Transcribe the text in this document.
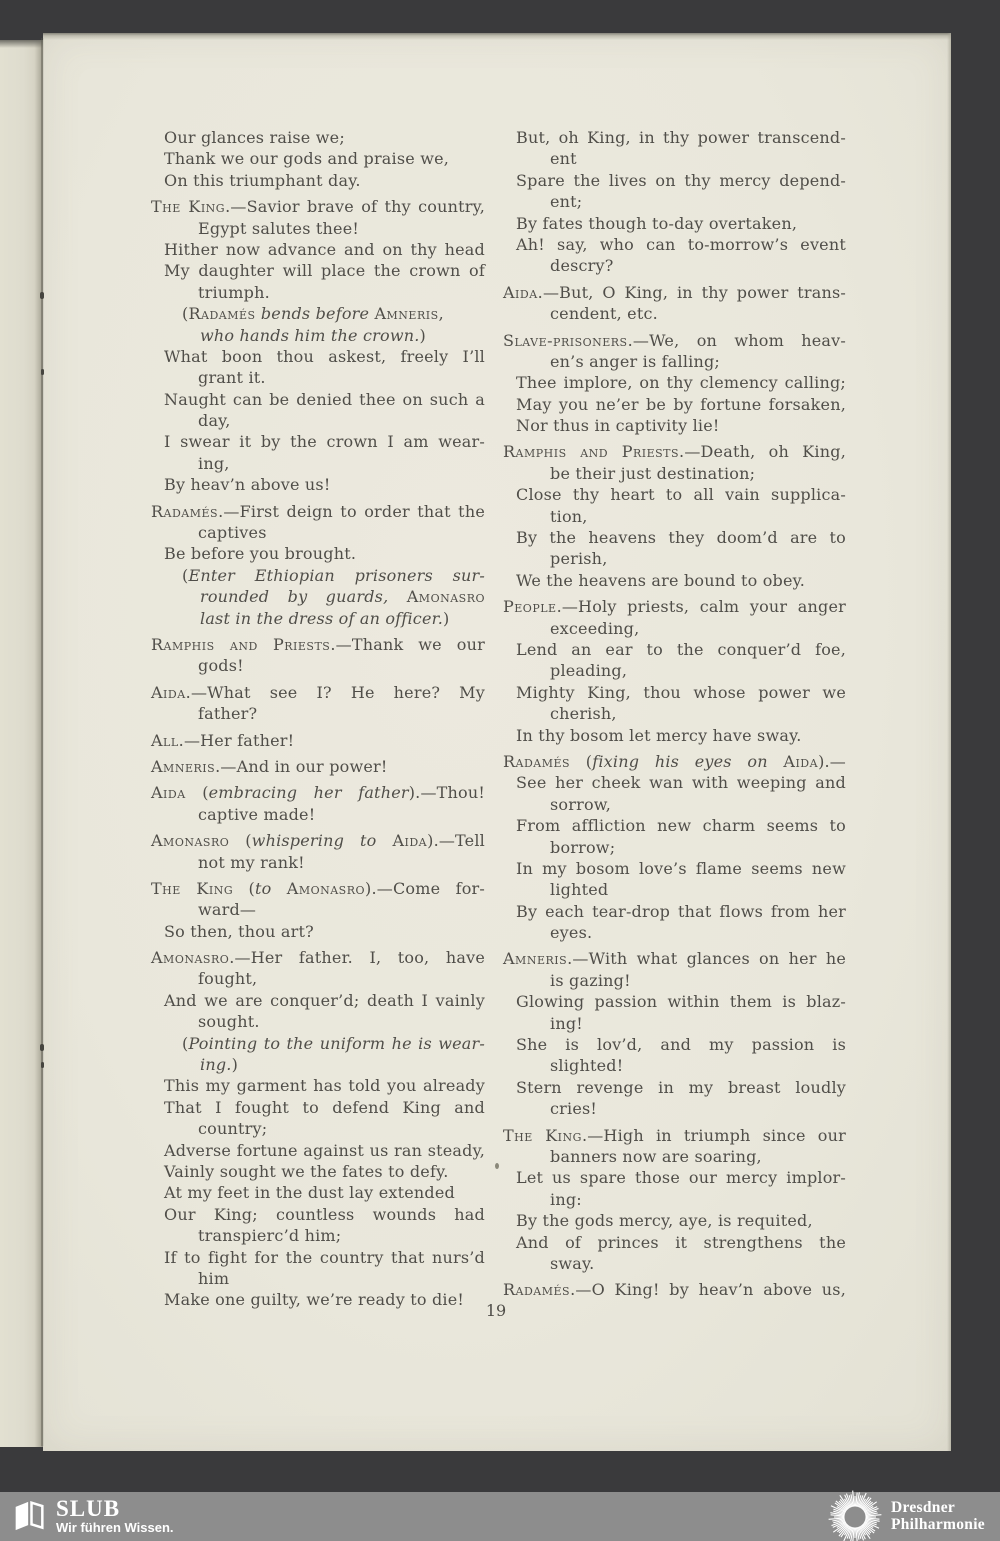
Our glances raise we;
Thank we our gods and praise we,
On this triumphant day.
The King.—Savior brave of thy country,
Egypt salutes thee!
Hither now advance and on thy head
My daughter will place the crown of
triumph.
(Radamés bends before Amneris,
who hands him the crown.)
What boon thou askest, freely I’ll
grant it.
Naught can be denied thee on such a
day,
I swear it by the crown I am wear-
ing,
By heav’n above us!
Radamés.—First deign to order that the
captives
Be before you brought.
(Enter Ethiopian prisoners sur-
rounded by guards, Amonasro
last in the dress of an officer.)
Ramphis and Priests.—Thank we our
gods!
Aida.—What see I? He here? My
father?
All.—Her father!
Amneris.—And in our power!
Aida (embracing her father).—Thou!
captive made!
Amonasro (whispering to Aida).—Tell
not my rank!
The King (to Amonasro).—Come for-
ward—
So then, thou art?
Amonasro.—Her father. I, too, have
fought,
And we are conquer’d; death I vainly
sought.
(Pointing to the uniform he is wear-
ing.)
This my garment has told you already
That I fought to defend King and
country;
Adverse fortune against us ran steady,
Vainly sought we the fates to defy.
At my feet in the dust lay extended
Our King; countless wounds had
transpierc’d him;
If to fight for the country that nurs’d
him
Make one guilty, we’re ready to die!
But, oh King, in thy power transcend-
ent
Spare the lives on thy mercy depend-
ent;
By fates though to-day overtaken,
Ah! say, who can to-morrow’s event
descry?
Aida.—But, O King, in thy power trans-
cendent, etc.
Slave-prisoners.—We, on whom heav-
en’s anger is falling;
Thee implore, on thy clemency calling;
May you ne’er be by fortune forsaken,
Nor thus in captivity lie!
Ramphis and Priests.—Death, oh King,
be their just destination;
Close thy heart to all vain supplica-
tion,
By the heavens they doom’d are to
perish,
We the heavens are bound to obey.
People.—Holy priests, calm your anger
exceeding,
Lend an ear to the conquer’d foe,
pleading,
Mighty King, thou whose power we
cherish,
In thy bosom let mercy have sway.
Radamés (fixing his eyes on Aida).—
See her cheek wan with weeping and
sorrow,
From affliction new charm seems to
borrow;
In my bosom love’s flame seems new
lighted
By each tear-drop that flows from her
eyes.
Amneris.—With what glances on her he
is gazing!
Glowing passion within them is blaz-
ing!
She is lov’d, and my passion is
slighted!
Stern revenge in my breast loudly
cries!
The King.—High in triumph since our
banners now are soaring,
Let us spare those our mercy implor-
ing:
By the gods mercy, aye, is requited,
And of princes it strengthens the
sway.
Radamés.—O King! by heav’n above us,
19
SLUB
Wir führen Wissen.
Dresdner
Philharmonie
